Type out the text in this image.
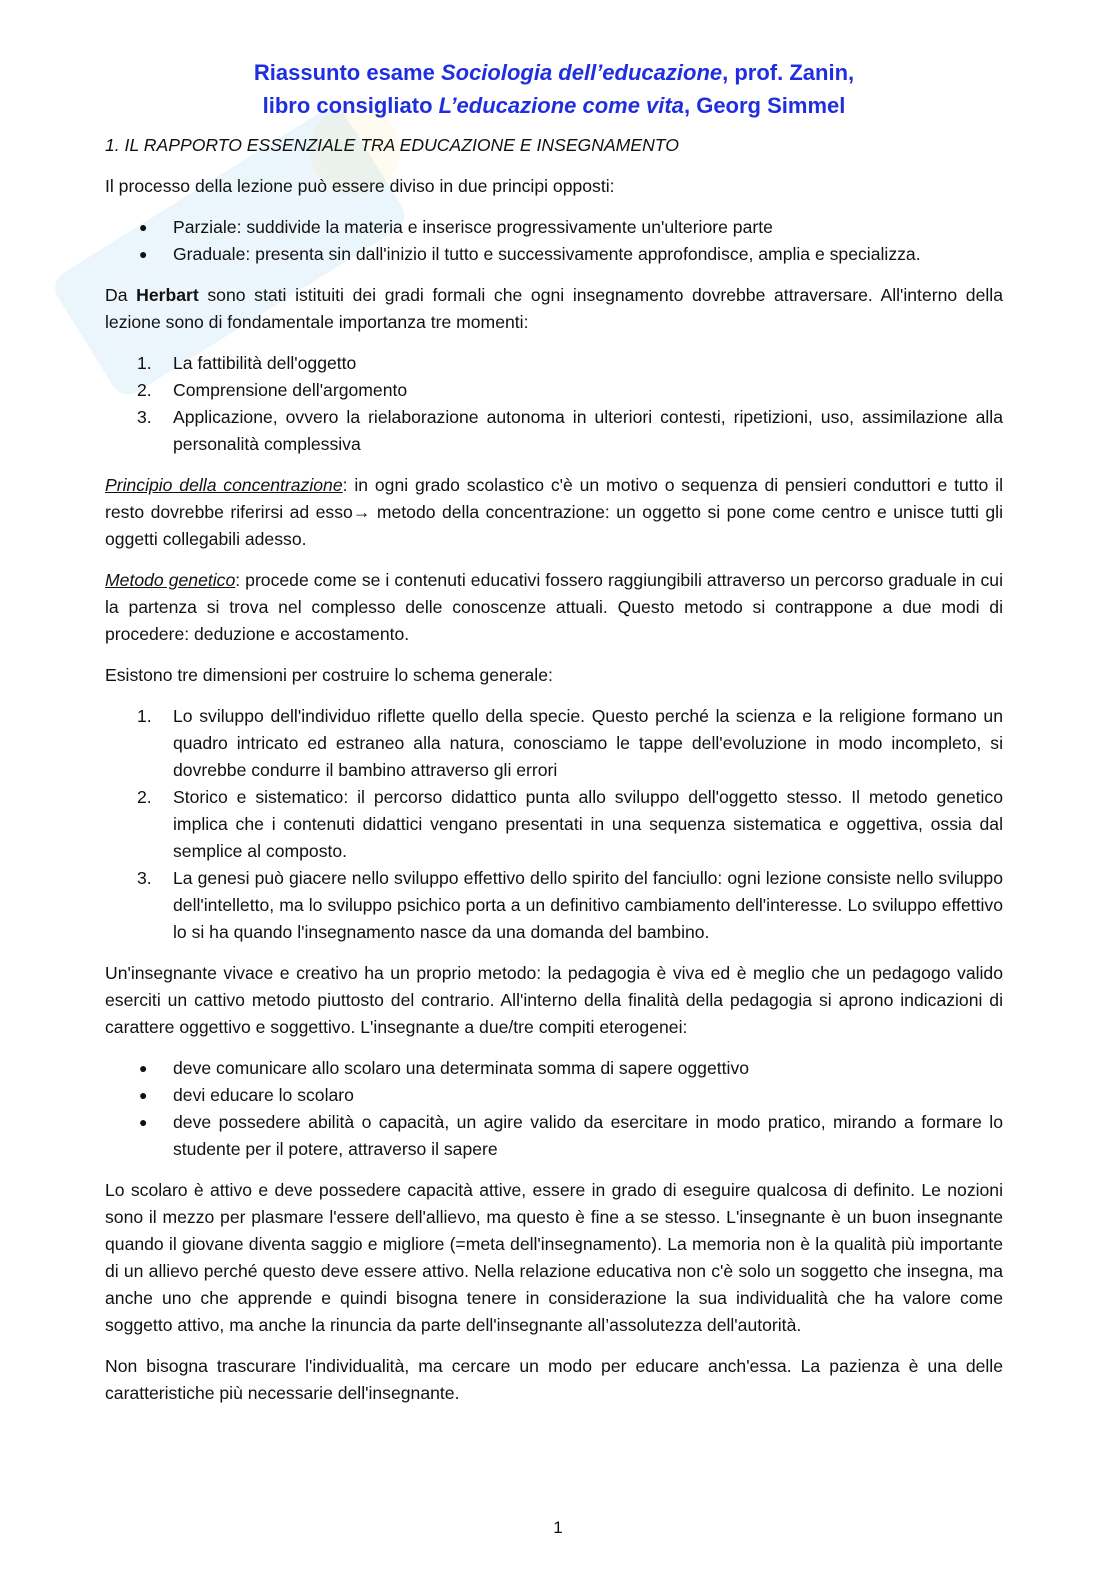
Riassunto esame Sociologia dell’educazione, prof. Zanin,
libro consigliato L’educazione come vita, Georg Simmel
1. IL RAPPORTO ESSENZIALE TRA EDUCAZIONE E INSEGNAMENTO

Il processo della lezione può essere diviso in due principi opposti:

●	Parziale: suddivide la materia e inserisce progressivamente un'ulteriore parte
●	Graduale: presenta sin dall'inizio il tutto e successivamente approfondisce, amplia e specializza.

Da Herbart sono stati istituiti dei gradi formali che ogni insegnamento dovrebbe attraversare. All'interno della lezione sono di fondamentale importanza tre momenti:

1.	La fattibilità dell'oggetto
2.	Comprensione dell'argomento
3.	Applicazione, ovvero la rielaborazione autonoma in ulteriori contesti, ripetizioni, uso, assimilazione alla personalità complessiva

Principio della concentrazione: in ogni grado scolastico c'è un motivo o sequenza di pensieri conduttori e tutto il resto dovrebbe riferirsi ad esso→ metodo della concentrazione: un oggetto si pone come centro e unisce tutti gli oggetti collegabili adesso.

Metodo genetico: procede come se i contenuti educativi fossero raggiungibili attraverso un percorso graduale in cui la partenza si trova nel complesso delle conoscenze attuali. Questo metodo si contrappone a due modi di procedere: deduzione e accostamento.

Esistono tre dimensioni per costruire lo schema generale:

1.	Lo sviluppo dell'individuo riflette quello della specie. Questo perché la scienza e la religione formano un quadro intricato ed estraneo alla natura, conosciamo le tappe dell'evoluzione in modo incompleto, si dovrebbe condurre il bambino attraverso gli errori
2.	Storico e sistematico: il percorso didattico punta allo sviluppo dell'oggetto stesso. Il metodo genetico implica che i contenuti didattici vengano presentati in una sequenza sistematica e oggettiva, ossia dal semplice al composto.
3.	La genesi può giacere nello sviluppo effettivo dello spirito del fanciullo: ogni lezione consiste nello sviluppo dell'intelletto, ma lo sviluppo psichico porta a un definitivo cambiamento dell'interesse. Lo sviluppo effettivo lo si ha quando l'insegnamento nasce da una domanda del bambino.

Un'insegnante vivace e creativo ha un proprio metodo: la pedagogia è viva ed è meglio che un pedagogo valido eserciti un cattivo metodo piuttosto del contrario. All'interno della finalità della pedagogia si aprono indicazioni di carattere oggettivo e soggettivo. L'insegnante a due/tre compiti eterogenei:

●	deve comunicare allo scolaro una determinata somma di sapere oggettivo
●	devi educare lo scolaro
●	deve possedere abilità o capacità, un agire valido da esercitare in modo pratico, mirando a formare lo studente per il potere, attraverso il sapere

Lo scolaro è attivo e deve possedere capacità attive, essere in grado di eseguire qualcosa di definito. Le nozioni sono il mezzo per plasmare l'essere dell'allievo, ma questo è fine a se stesso. L'insegnante è un buon insegnante quando il giovane diventa saggio e migliore (=meta dell'insegnamento). La memoria non è la qualità più importante di un allievo perché questo deve essere attivo. Nella relazione educativa non c'è solo un soggetto che insegna, ma anche uno che apprende e quindi bisogna tenere in considerazione la sua individualità che ha valore come soggetto attivo, ma anche la rinuncia da parte dell'insegnante all’assolutezza dell'autorità.

Non bisogna trascurare l'individualità, ma cercare un modo per educare anch'essa. La pazienza è una delle caratteristiche più necessarie dell'insegnante.

1
